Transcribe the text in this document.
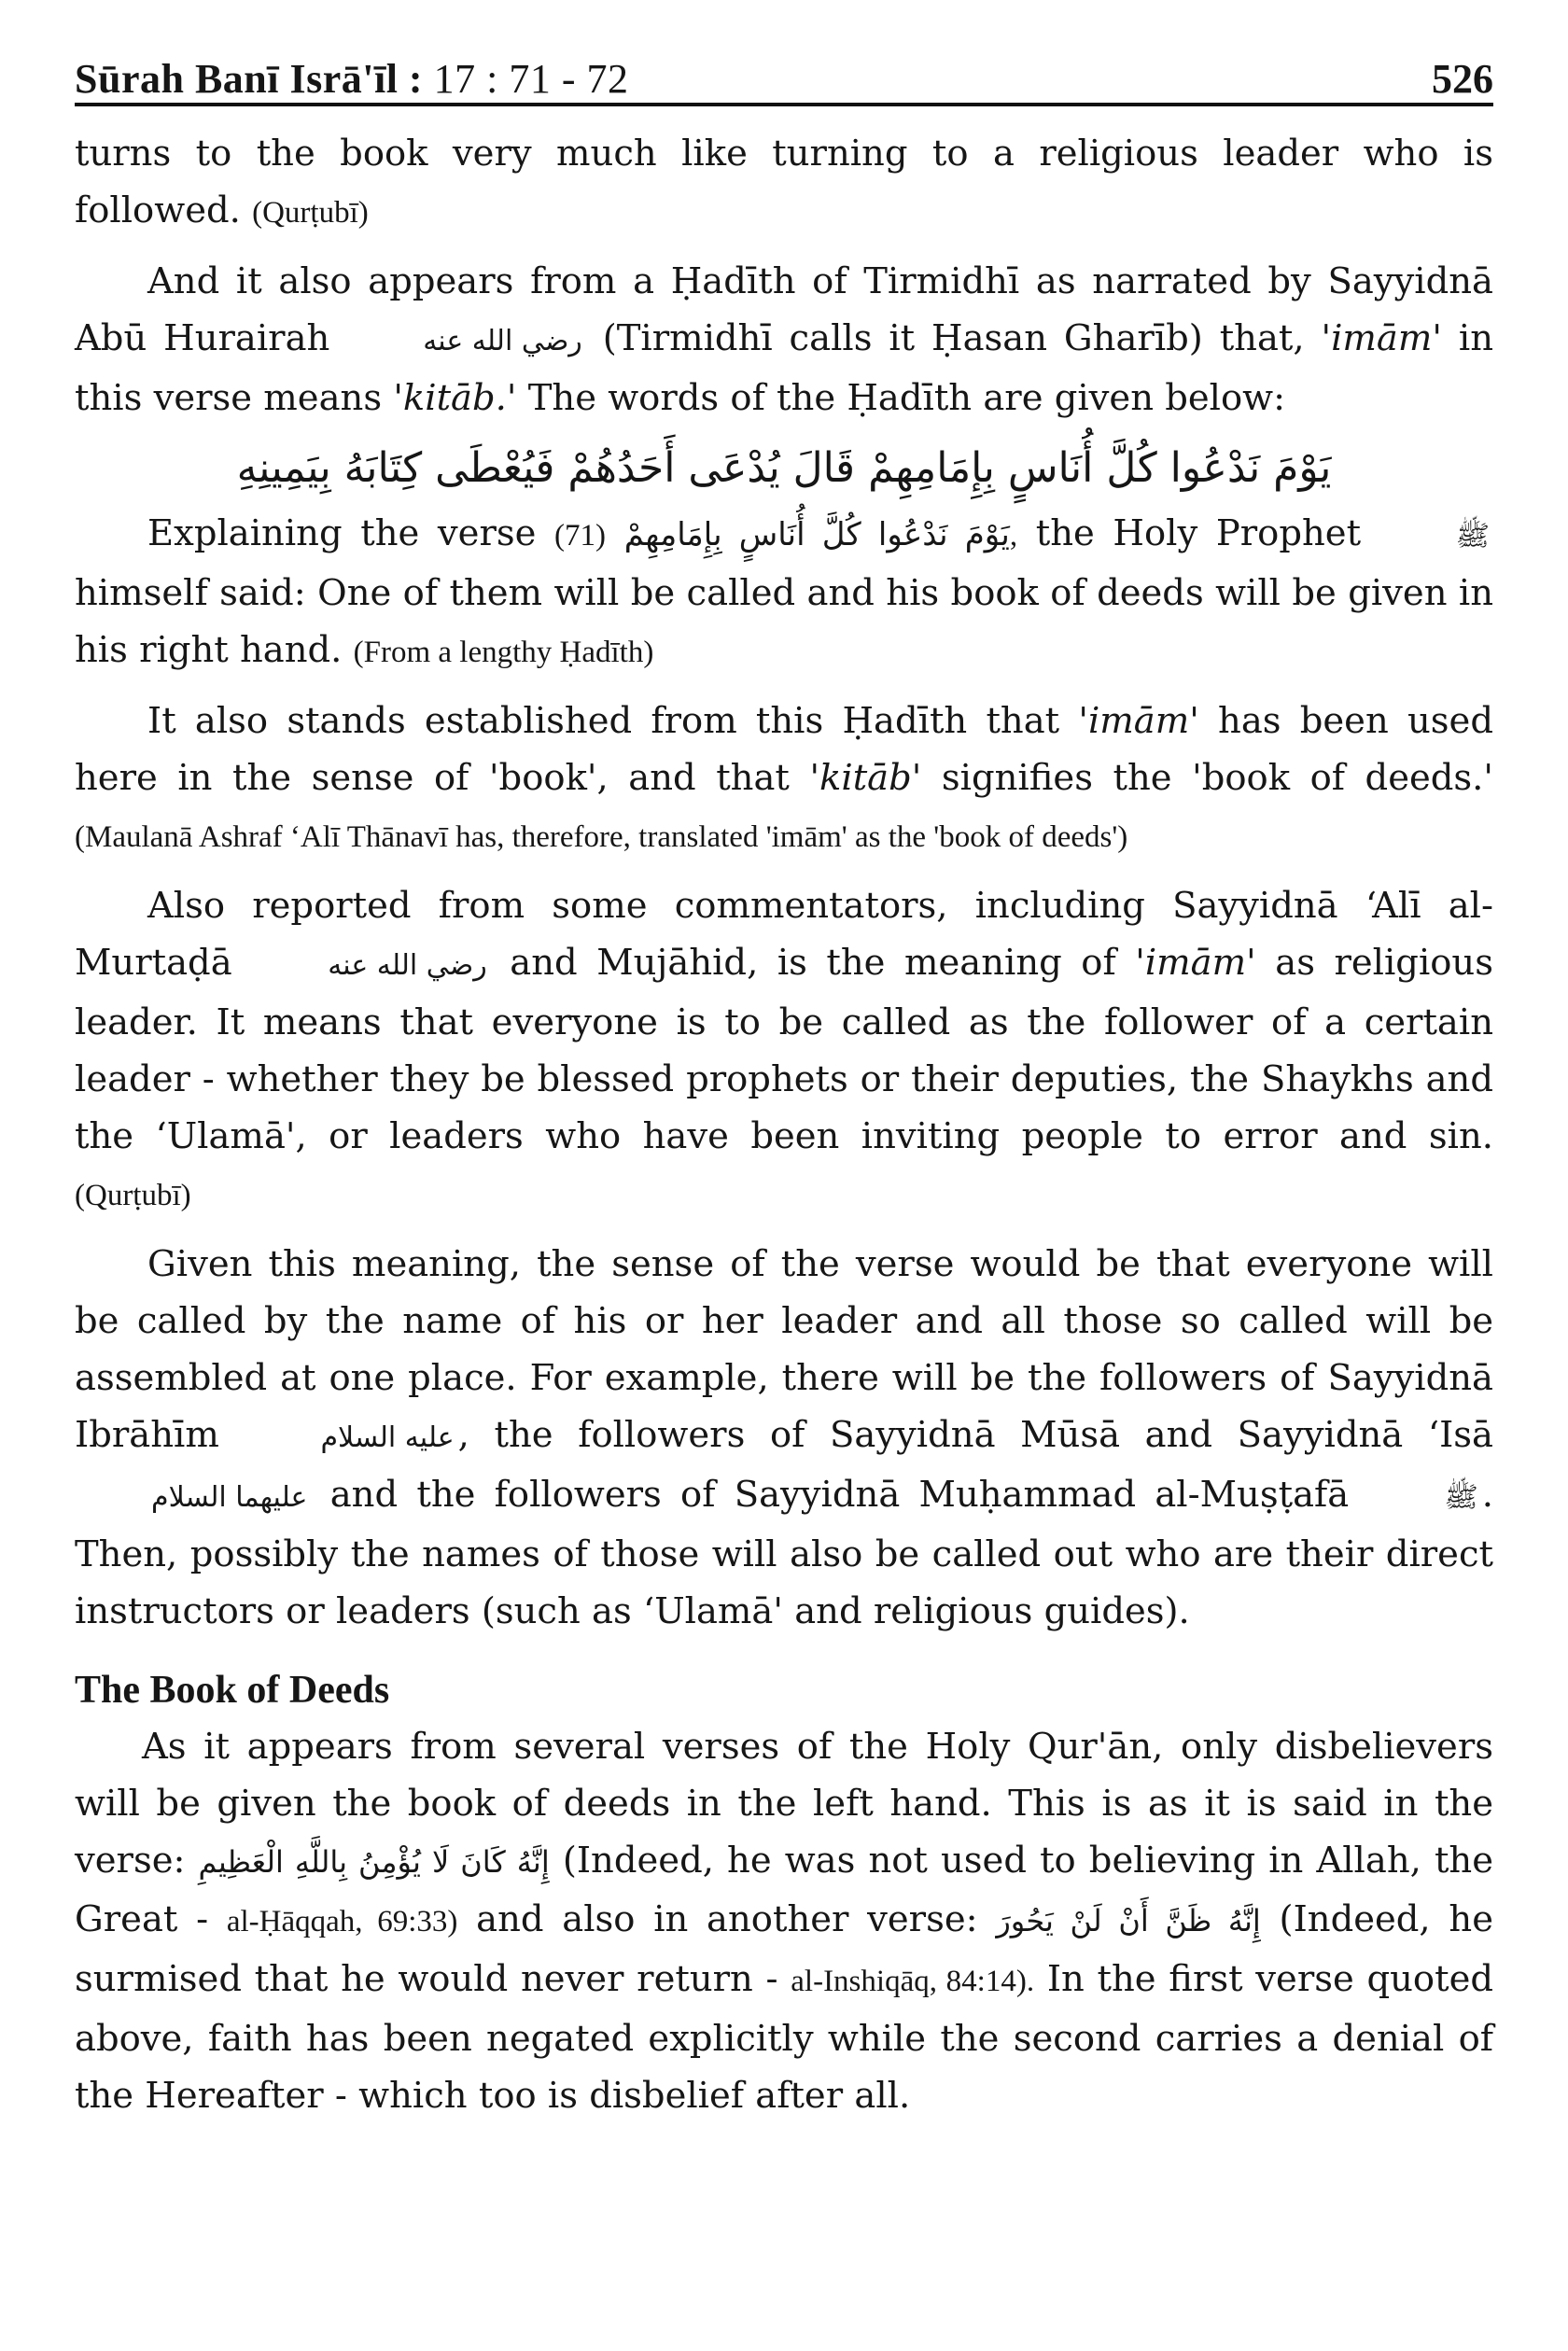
Sūrah Banī Isrā'īl : 17 : 71 - 72	526

turns to the book very much like turning to a religious leader who is followed. (Qurṭubī)

And it also appears from a Ḥadīth of Tirmidhī as narrated by Sayyidnā Abū Hurairah	رضي الله عنه (Tirmidhī calls it Ḥasan Gharīb) that, 'imām' in this verse means 'kitāb.' The words of the Ḥadīth are given below:

يَوْمَ نَدْعُوا كُلَّ أُنَاسٍ بِإِمَامِهِمْ قَالَ يُدْعَى أَحَدُهُمْ فَيُعْطَى كِتَابَهُ بِيَمِينِهِ

Explaining the verse	يَوْمَ نَدْعُوا كُلَّ أُنَاسٍ بِإِمَامِهِمْ (71), the Holy Prophet	ﷺ himself said: One of them will be called and his book of deeds will be given in his right hand. (From a lengthy Ḥadīth)

It also stands established from this Ḥadīth that 'imām' has been used here in the sense of 'book', and that 'kitāb' signifies the 'book of deeds.' (Maulanā Ashraf ʻAlī Thānavī has, therefore, translated 'imām' as the 'book of deeds')

Also reported from some commentators, including Sayyidnā ʻAlī al-Murtaḍā	رضي الله عنه and Mujāhid, is the meaning of 'imām' as religious leader. It means that everyone is to be called as the follower of a certain leader - whether they be blessed prophets or their deputies, the Shaykhs and the ʻUlamā', or leaders who have been inviting people to error and sin. (Qurṭubī)

Given this meaning, the sense of the verse would be that everyone will be called by the name of his or her leader and all those so called will be assembled at one place. For example, there will be the followers of Sayyidnā Ibrāhīm	عليه السلام , the followers of Sayyidnā Mūsā and Sayyidnā ʻIsā عليهما السلام and the followers of Sayyidnā Muḥammad al-Muṣṭafā	ﷺ . Then, possibly the names of those will also be called out who are their direct instructors or leaders (such as ʻUlamā' and religious guides).

The Book of Deeds

As it appears from several verses of the Holy Qur'ān, only disbelievers will be given the book of deeds in the left hand. This is as it is said in the verse: إِنَّهُ كَانَ لَا يُؤْمِنُ بِاللَّهِ الْعَظِيمِ (Indeed, he was not used to believing in Allah, the Great - al-Ḥāqqah, 69:33) and also in another verse: إِنَّهُ ظَنَّ أَنْ لَنْ يَحُورَ (Indeed, he surmised that he would never return - al-Inshiqāq, 84:14). In the first verse quoted above, faith has been negated explicitly while the second carries a denial of the Hereafter - which too is disbelief after all.
